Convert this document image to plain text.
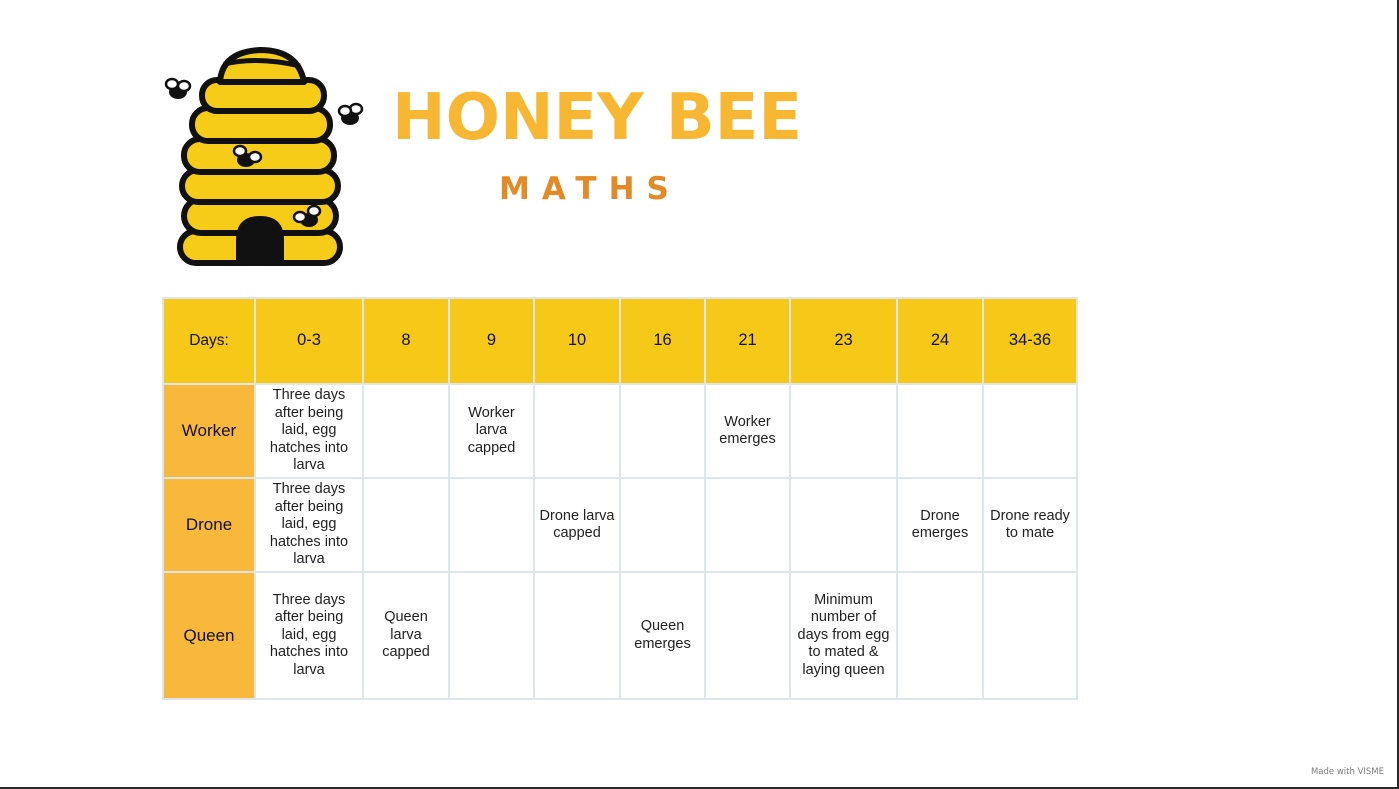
HONEY BEE
MATHS
Days:	0-3	8	9	10	16	21	23	24	34-36
Worker	Three days after being laid, egg hatches into larva		Worker larva capped			Worker emerges			
Drone	Three days after being laid, egg hatches into larva			Drone larva capped				Drone emerges	Drone ready to mate
Queen	Three days after being laid, egg hatches into larva	Queen larva capped			Queen emerges		Minimum number of days from egg to mated & laying queen		
Made with VISME
